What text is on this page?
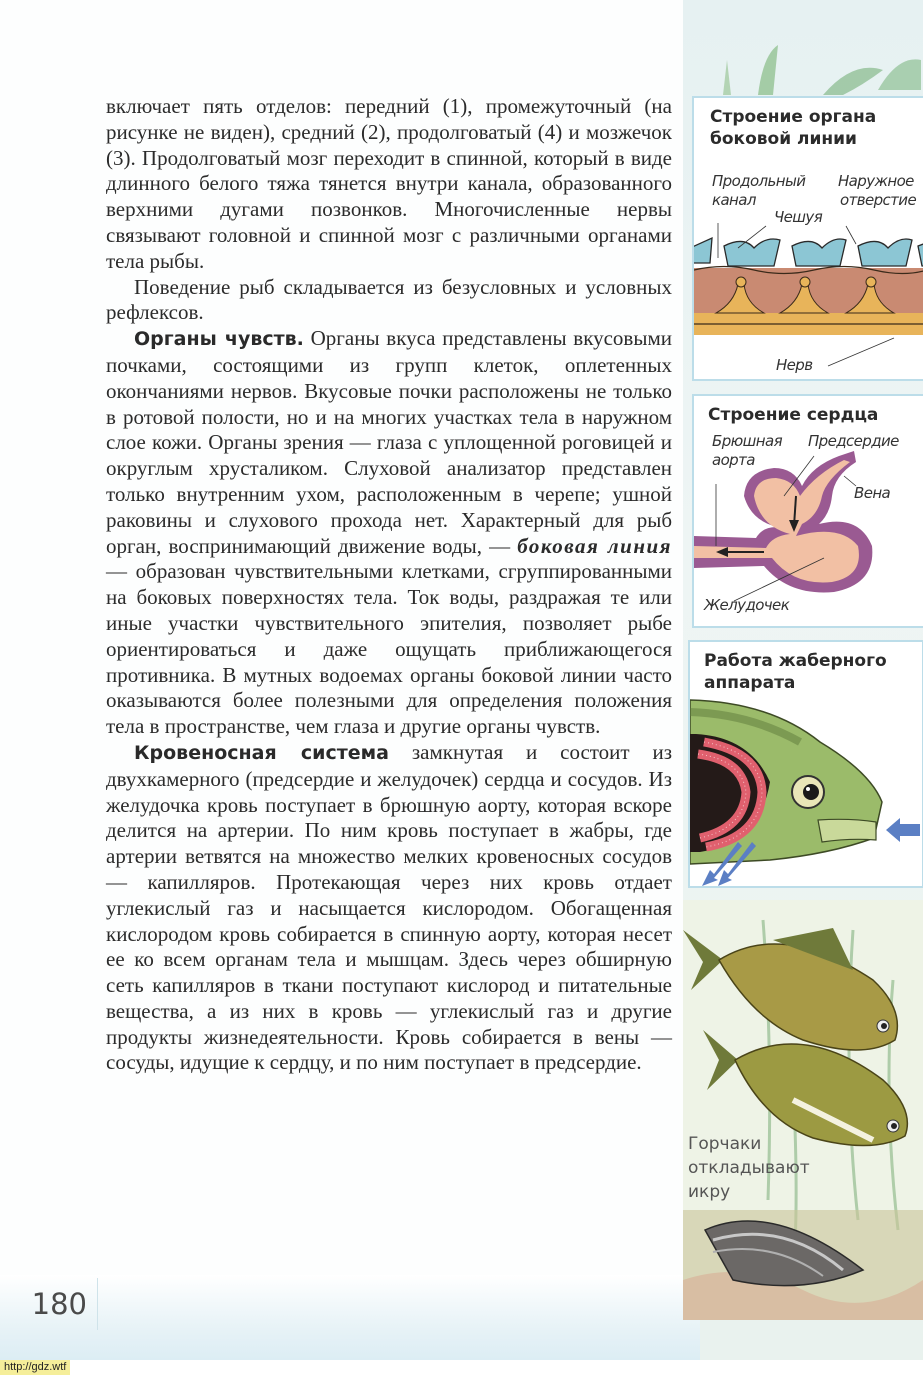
включает пять отделов: передний (1), промежуточный (на рисунке не виден), средний (2), продолговатый (4) и мозжечок (3). Продолговатый мозг переходит в спинной, который в виде длинного белого тяжа тянется внутри канала, образованного верхними дугами позвонков. Многочисленные нервы связывают головной и спинной мозг с различными органами тела рыбы.

Поведение рыб складывается из безусловных и условных рефлексов.

Органы чувств. Органы вкуса представлены вкусовыми почками, состоящими из групп клеток, оплетенных окончаниями нервов. Вкусовые почки расположены не только в ротовой полости, но и на многих участках тела в наружном слое кожи. Органы зрения — глаза с уплощенной роговицей и округлым хрусталиком. Слуховой анализатор представлен только внутренним ухом, расположенным в черепе; ушной раковины и слухового прохода нет. Характерный для рыб орган, воспринимающий движение воды, — боковая линия — образован чувствительными клетками, сгруппированными на боковых поверхностях тела. Ток воды, раздражая те или иные участки чувствительного эпителия, позволяет рыбе ориентироваться и даже ощущать приближающегося противника. В мутных водоемах органы боковой линии часто оказываются более полезными для определения положения тела в пространстве, чем глаза и другие органы чувств.

Кровеносная система замкнутая и состоит из двухкамерного (предсердие и желудочек) сердца и сосудов. Из желудочка кровь поступает в брюшную аорту, которая вскоре делится на артерии. По ним кровь поступает в жабры, где артерии ветвятся на множество мелких кровеносных сосудов — капилляров. Протекающая через них кровь отдает углекислый газ и насыщается кислородом. Обогащенная кислородом кровь собирается в спинную аорту, которая несет ее ко всем органам тела и мышцам. Здесь через обширную сеть капилляров в ткани поступают кислород и питательные вещества, а из них в кровь — углекислый газ и другие продукты жизнедеятельности. Кровь собирается в вены — сосуды, идущие к сердцу, и по ним поступает в предсердие.

Строение органа
боковой линии
Продольный
канал
Наружное
отверстие
Чешуя
Нерв
Строение сердца
Брюшная
аорта
Предсердие
Вена
Желудочек
Работа жаберного
аппарата
Горчаки
откладывают
икру
180
http://gdz.wtf
